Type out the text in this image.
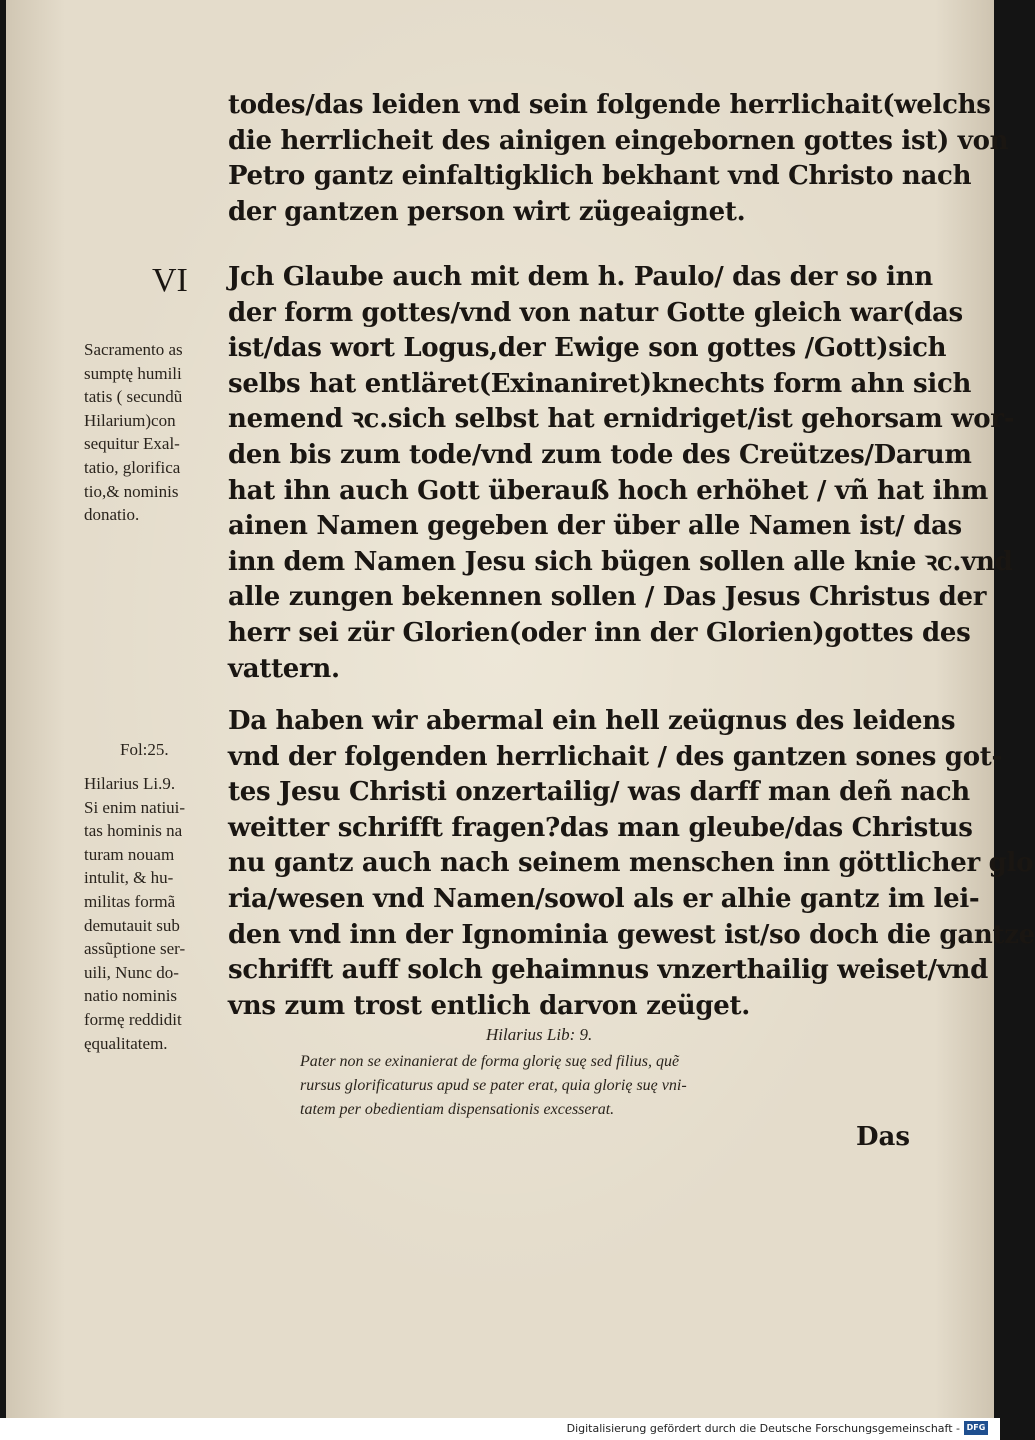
todes/das leiden vnd sein folgende herrlichait(welchs
die herrlicheit des ainigen eingebornen gottes ist) von
Petro gantz einfaltigklich bekhant vnd Christo nach
der gantzen person wirt zügeaignet.
VI Jch Glaube auch mit dem h. Paulo/ das der so inn
der form gottes/vnd von natur Gotte gleich war(das
ist/das wort Logus,der Ewige son gottes /Gott)sich
selbs hat entläret(Exinaniret)knechts form ahn sich
nemend ꝛc.sich selbst hat ernidriget/ist gehorsam wor-
den bis zum tode/vnd zum tode des Creützes/Darum
hat ihn auch Gott überauß hoch erhöhet / vñ hat ihm
ainen Namen gegeben der über alle Namen ist/ das
inn dem Namen Jesu sich bügen sollen alle knie ꝛc.vnd
alle zungen bekennen sollen / Das Jesus Christus der
herr sei zür Glorien(oder inn der Glorien)gottes des
vattern.
Sacramento as
sumptę humili
tatis ( secundũ
Hilarium)con
sequitur Exal-
tatio, glorifica
tio,& nominis
donatio.
Da haben wir abermal ein hell zeügnus des leidens
vnd der folgenden herrlichait / des gantzen sones got-
tes Jesu Christi onzertailig/ was darff man deñ nach
weitter schrifft fragen?das man gleube/das Christus
nu gantz auch nach seinem menschen inn göttlicher glo
ria/wesen vnd Namen/sowol als er alhie gantz im lei-
den vnd inn der Ignominia gewest ist/so doch die gantze
schrifft auff solch gehaimnus vnzerthailig weiset/vnd
vns zum trost entlich darvon zeüget.
Fol:25.
Hilarius Li.9.
Si enim natiui-
tas hominis na
turam nouam
intulit, & hu-
militas formã
demutauit sub
assũptione ser-
uili, Nunc do-
natio nominis
formę reddidit
ęqualitatem.	Hilarius Lib: 9.
Pater non se exinanierat de forma glorię suę sed filius, quẽ
rursus glorificaturus apud se pater erat, quia glorię suę vni-
tatem per obedientiam dispensationis excesserat.
Das
Digitalisierung gefördert durch die Deutsche Forschungsgemeinschaft - DFG
